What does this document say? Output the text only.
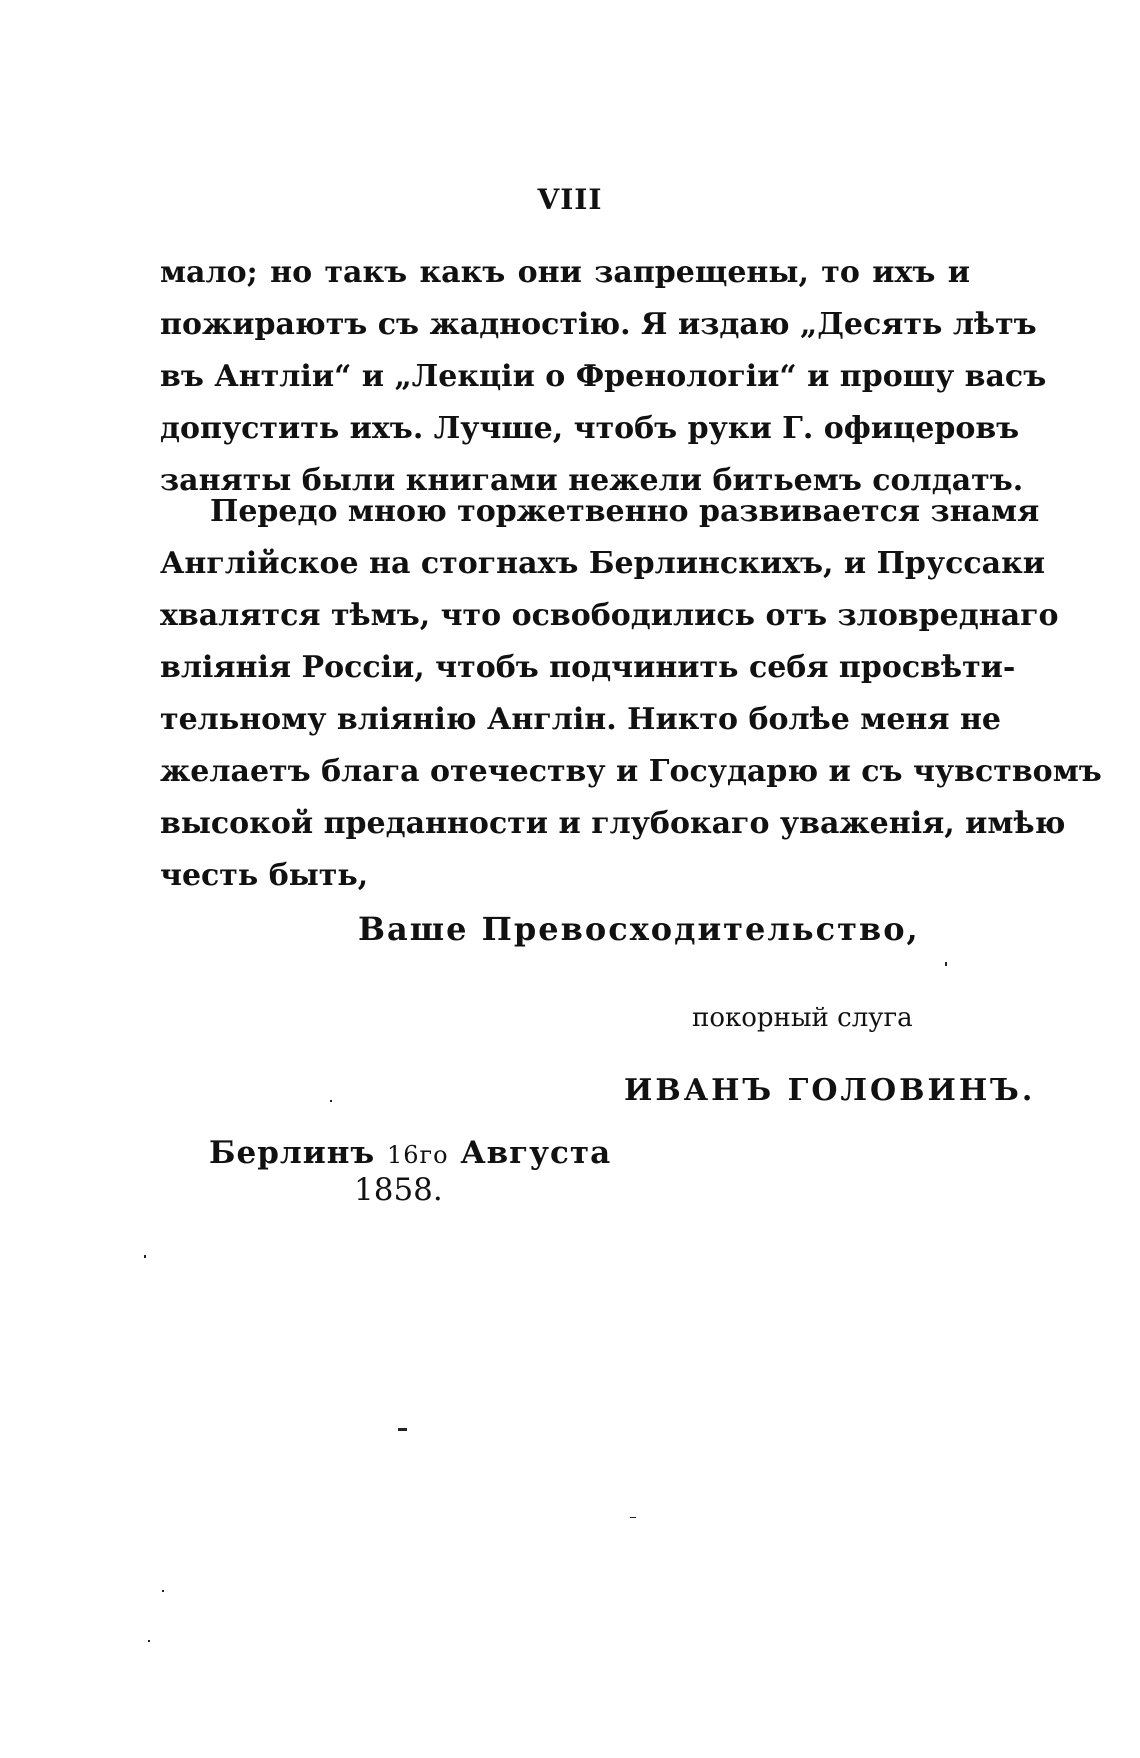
VIII
мало; но такъ какъ они запрещены, то ихъ и
пожираютъ съ жадностію. Я издаю „Десять лѣтъ
въ Антліи“ и „Лекціи о Френологіи“ и прошу васъ
допустить ихъ. Лучше, чтобъ руки Г. офицеровъ
заняты были книгами нежели битьемъ солдатъ.
Передо мною торжетвенно развивается знамя
Англійское на стогнахъ Берлинскихъ, и Пруссаки
хвалятся тѣмъ, что освободились отъ зловреднаго
вліянія Россіи, чтобъ подчинить себя просвѣти-
тельному вліянію Англін. Никто болѣе меня не
желаетъ блага отечеству и Государю и съ чувствомъ
высокой преданности и глубокаго уваженія, имѣю
честь быть,
Ваше Превосходительство,
покорный слуга
ИВАНЪ ГОЛОВИНЪ.
Берлинъ 16го Августа
1858.
